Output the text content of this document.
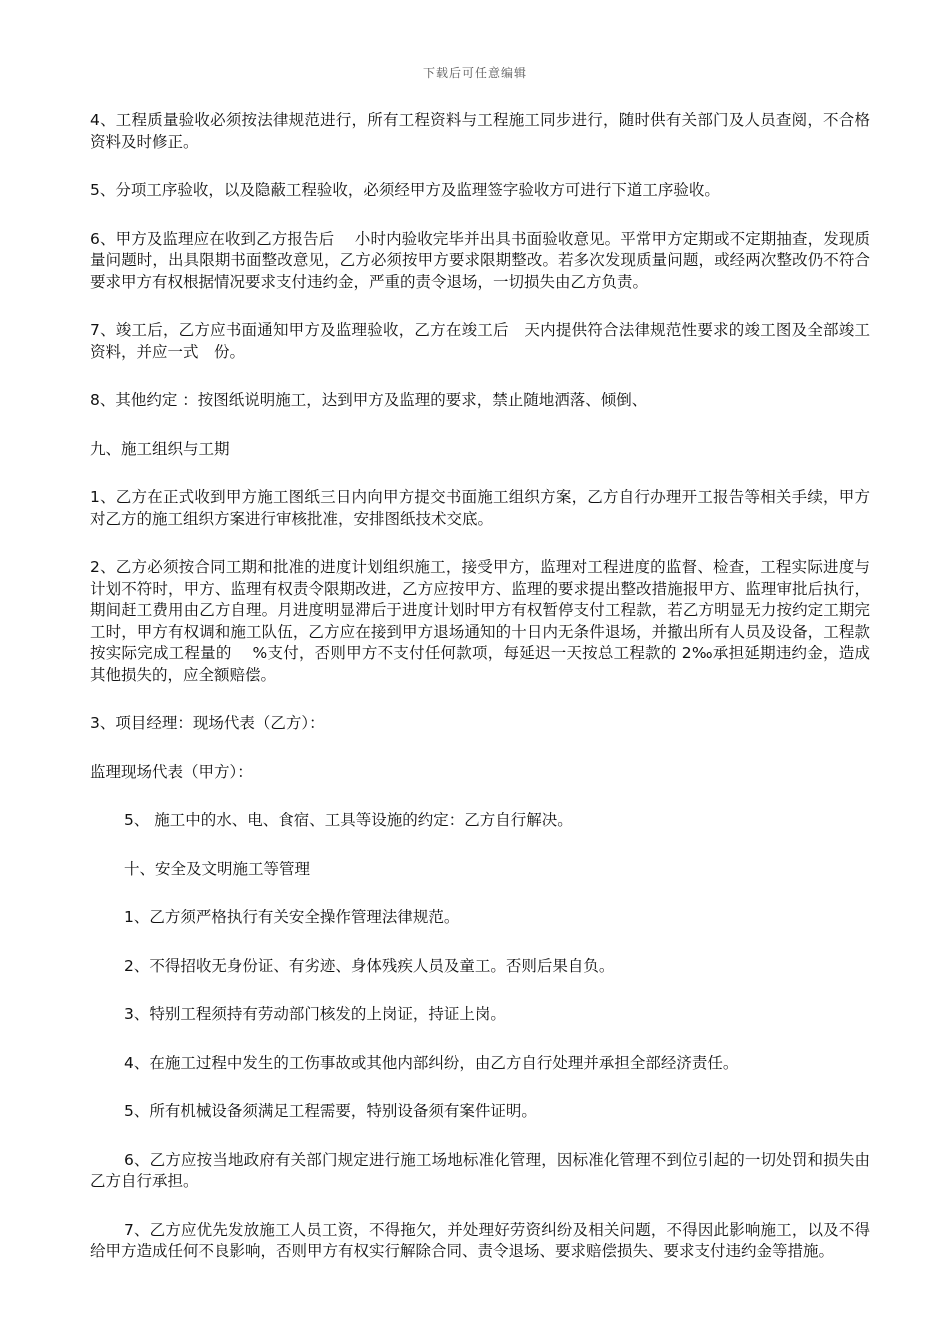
下载后可任意编辑

4、工程质量验收必须按法律规范进行，所有工程资料与工程施工同步进行，随时供有关部门及人员查阅，不合格资料及时修正。

5、分项工序验收，以及隐蔽工程验收，必须经甲方及监理签字验收方可进行下道工序验收。

6、甲方及监理应在收到乙方报告后　 小时内验收完毕并出具书面验收意见。平常甲方定期或不定期抽查，发现质量问题时，出具限期书面整改意见，乙方必须按甲方要求限期整改。若多次发现质量问题，或经两次整改仍不符合要求甲方有权根据情况要求支付违约金，严重的责令退场，一切损失由乙方负责。

7、竣工后，乙方应书面通知甲方及监理验收，乙方在竣工后　天内提供符合法律规范性要求的竣工图及全部竣工资料，并应一式　份。

8、其他约定 ：按图纸说明施工，达到甲方及监理的要求，禁止随地洒落、倾倒、

九、施工组织与工期

1、乙方在正式收到甲方施工图纸三日内向甲方提交书面施工组织方案，乙方自行办理开工报告等相关手续，甲方对乙方的施工组织方案进行审核批准，安排图纸技术交底。

2、乙方必须按合同工期和批准的进度计划组织施工，接受甲方，监理对工程进度的监督、检查，工程实际进度与计划不符时，甲方、监理有权责令限期改进，乙方应按甲方、监理的要求提出整改措施报甲方、监理审批后执行，期间赶工费用由乙方自理。月进度明显滞后于进度计划时甲方有权暂停支付工程款，若乙方明显无力按约定工期完工时，甲方有权调和施工队伍，乙方应在接到甲方退场通知的十日内无条件退场，并撤出所有人员及设备，工程款按实际完成工程量的　 %支付，否则甲方不支付任何款项，每延迟一天按总工程款的 2‰承担延期违约金，造成其他损失的，应全额赔偿。

3、项目经理：现场代表（乙方）：

监理现场代表（甲方）：

5、 施工中的水、电、食宿、工具等设施的约定：乙方自行解决。

十、安全及文明施工等管理

1、乙方须严格执行有关安全操作管理法律规范。

2、不得招收无身份证、有劣迹、身体残疾人员及童工。否则后果自负。

3、特别工程须持有劳动部门核发的上岗证，持证上岗。

4、在施工过程中发生的工伤事故或其他内部纠纷，由乙方自行处理并承担全部经济责任。

5、所有机械设备须满足工程需要，特别设备须有案件证明。

6、乙方应按当地政府有关部门规定进行施工场地标准化管理，因标准化管理不到位引起的一切处罚和损失由乙方自行承担。

7、乙方应优先发放施工人员工资，不得拖欠，并处理好劳资纠纷及相关问题，不得因此影响施工，以及不得给甲方造成任何不良影响，否则甲方有权实行解除合同、责令退场、要求赔偿损失、要求支付违约金等措施。
